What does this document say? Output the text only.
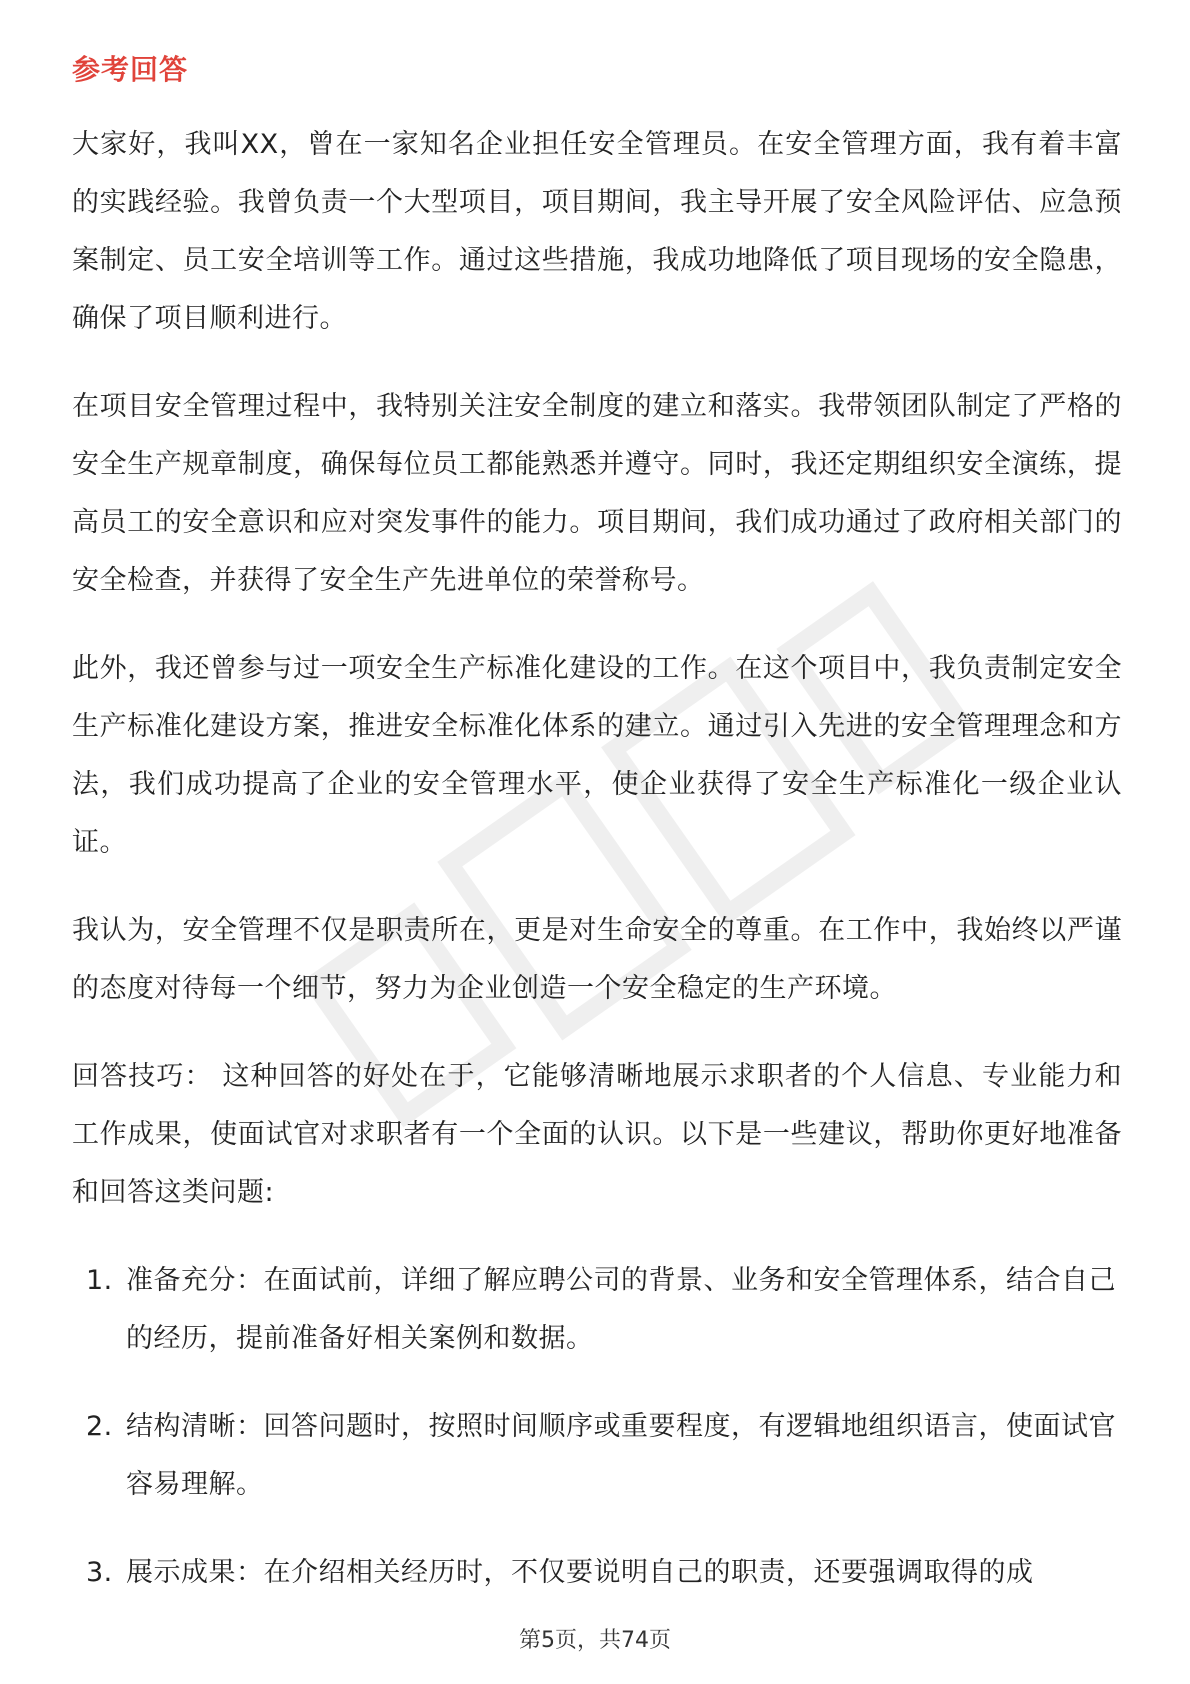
参考回答

大家好，我叫XX，曾在一家知名企业担任安全管理员。在安全管理方面，我有着丰富的实践经验。我曾负责一个大型项目，项目期间，我主导开展了安全风险评估、应急预案制定、员工安全培训等工作。通过这些措施，我成功地降低了项目现场的安全隐患，确保了项目顺利进行。

在项目安全管理过程中，我特别关注安全制度的建立和落实。我带领团队制定了严格的安全生产规章制度，确保每位员工都能熟悉并遵守。同时，我还定期组织安全演练，提高员工的安全意识和应对突发事件的能力。项目期间，我们成功通过了政府相关部门的安全检查，并获得了安全生产先进单位的荣誉称号。

此外，我还曾参与过一项安全生产标准化建设的工作。在这个项目中，我负责制定安全生产标准化建设方案，推进安全标准化体系的建立。通过引入先进的安全管理理念和方法，我们成功提高了企业的安全管理水平，使企业获得了安全生产标准化一级企业认证。

我认为，安全管理不仅是职责所在，更是对生命安全的尊重。在工作中，我始终以严谨的态度对待每一个细节，努力为企业创造一个安全稳定的生产环境。

回答技巧： 这种回答的好处在于，它能够清晰地展示求职者的个人信息、专业能力和工作成果，使面试官对求职者有一个全面的认识。以下是一些建议，帮助你更好地准备和回答这类问题:

1. 准备充分：在面试前，详细了解应聘公司的背景、业务和安全管理体系，结合自己的经历，提前准备好相关案例和数据。
2. 结构清晰：回答问题时，按照时间顺序或重要程度，有逻辑地组织语言，使面试官容易理解。
3. 展示成果：在介绍相关经历时，不仅要说明自己的职责，还要强调取得的成
第5页，共74页
